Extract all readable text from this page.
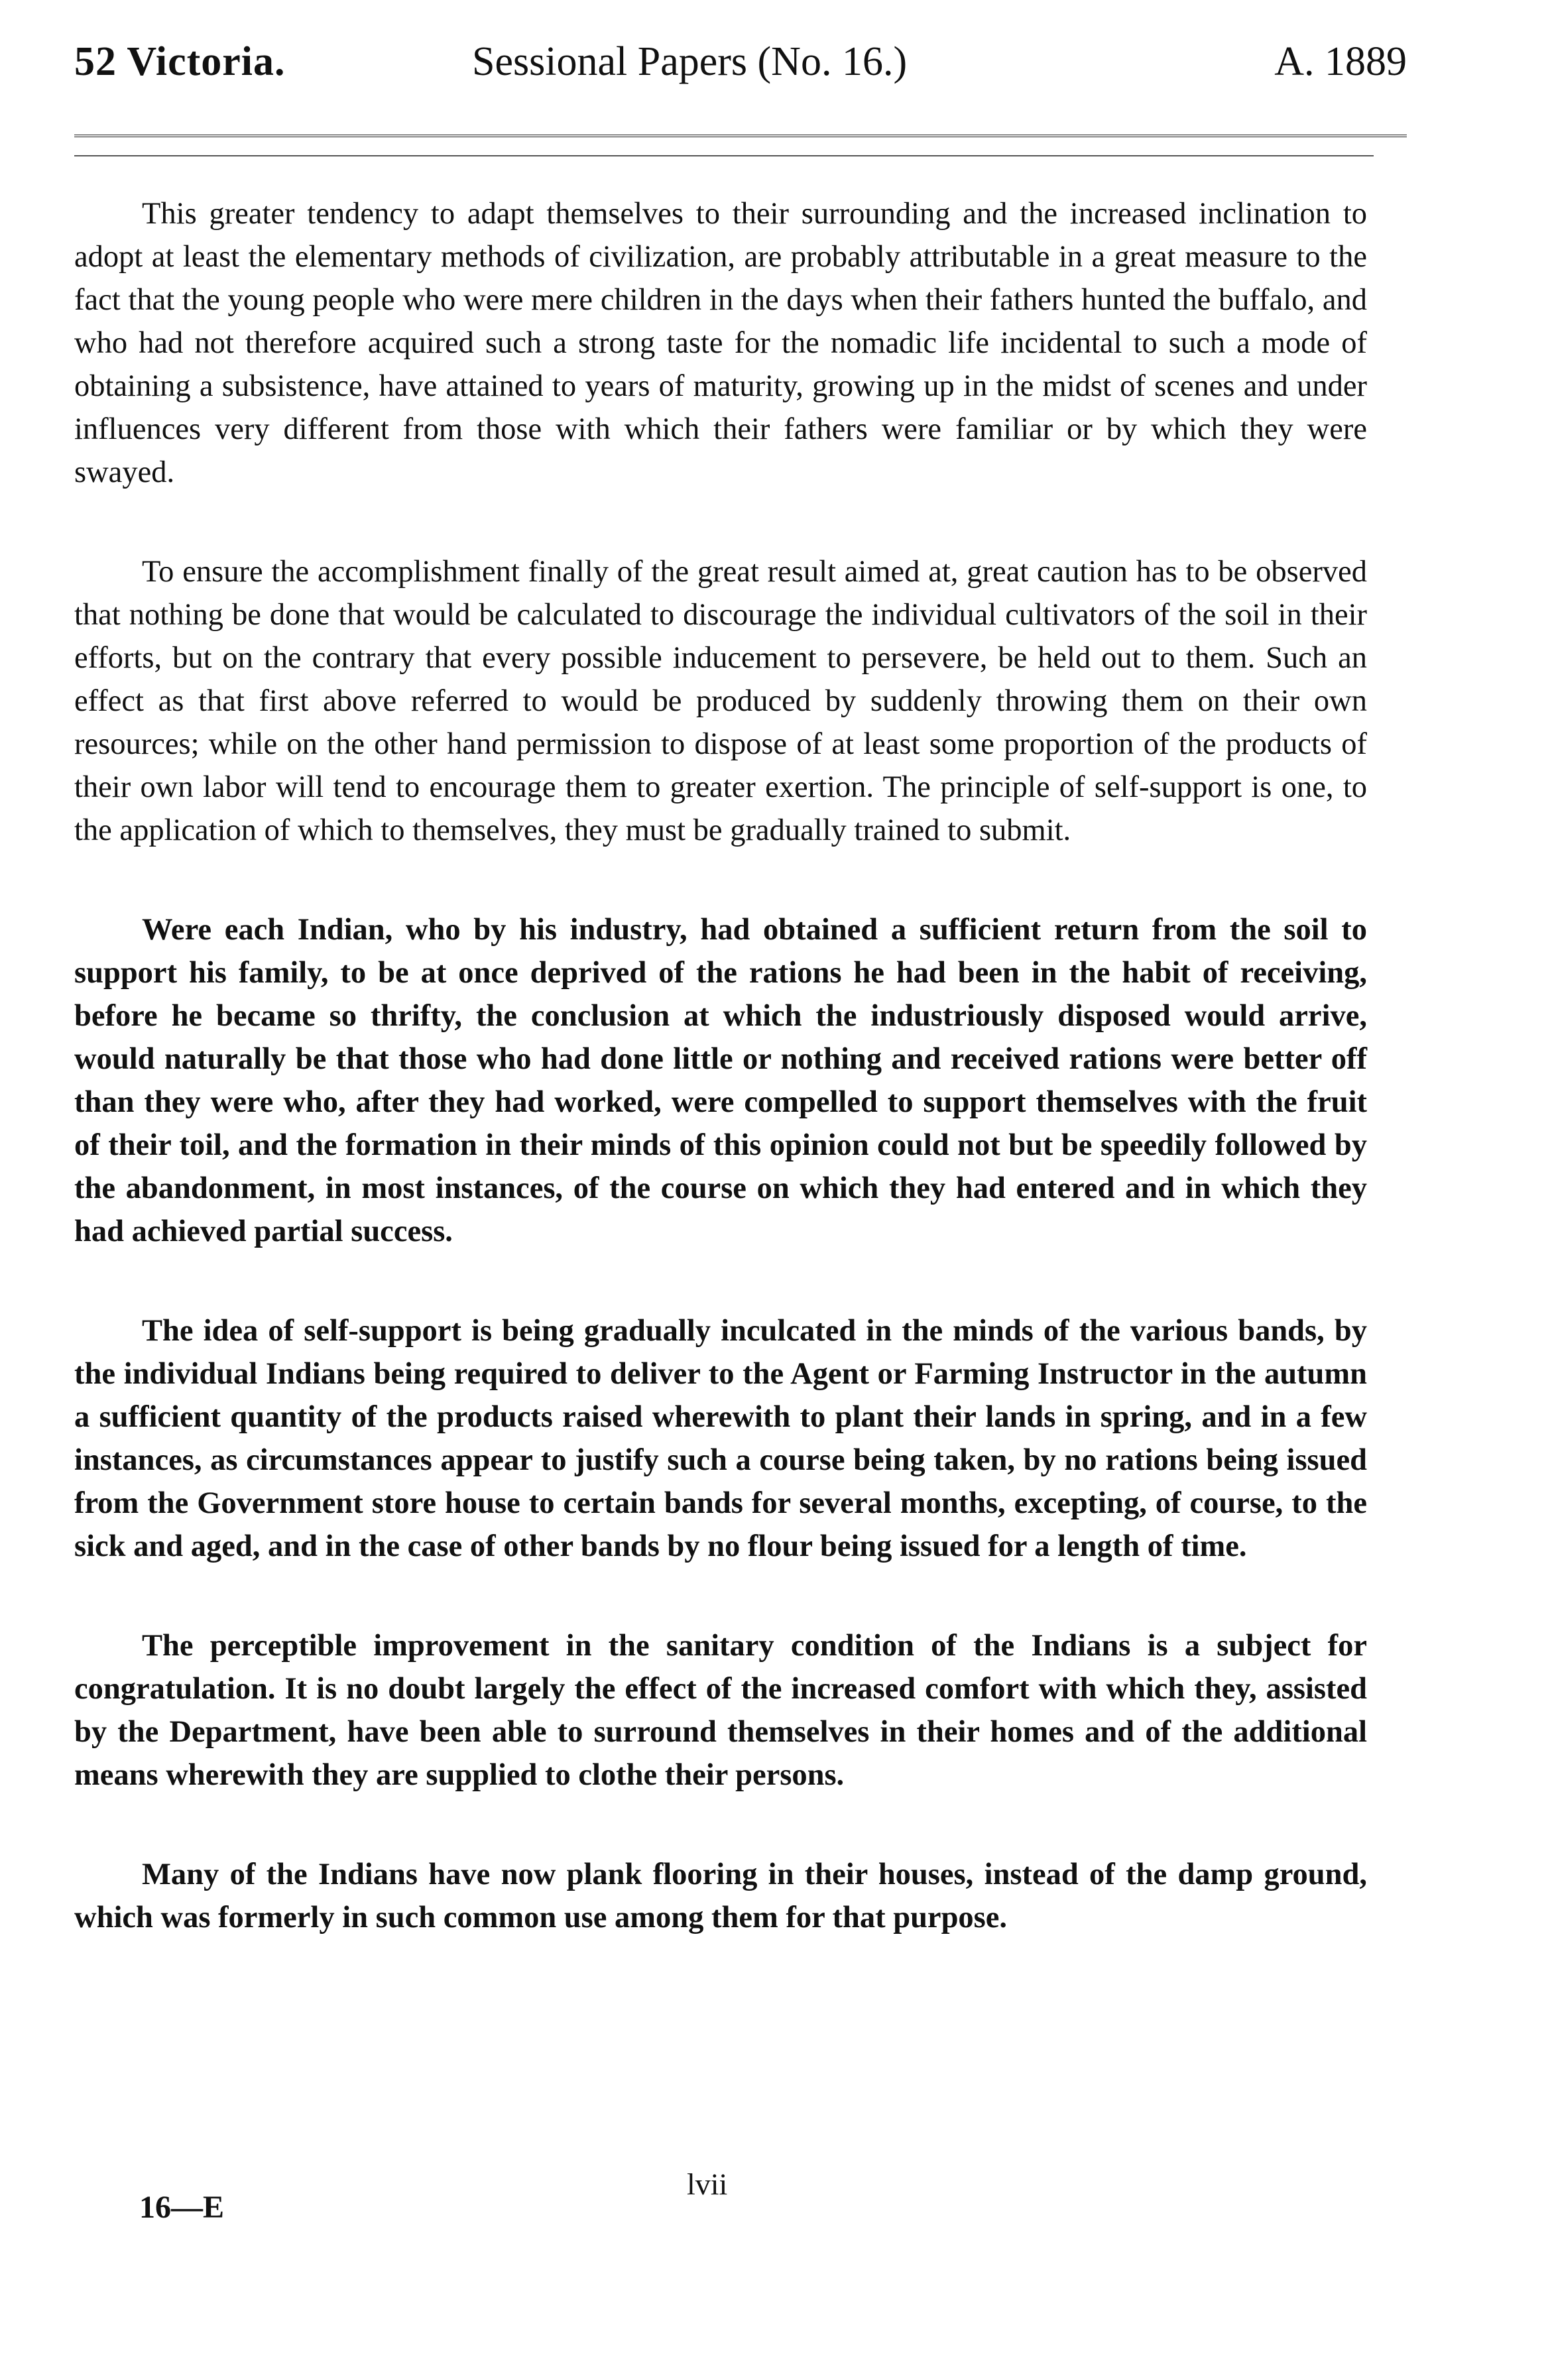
52 Victoria.	Sessional Papers (No. 16.)	A. 1889

This greater tendency to adapt themselves to their surrounding and the increased inclination to adopt at least the elementary methods of civilization, are probably attributable in a great measure to the fact that the young people who were mere children in the days when their fathers hunted the buffalo, and who had not therefore acquired such a strong taste for the nomadic life incidental to such a mode of obtaining a subsistence, have attained to years of maturity, growing up in the midst of scenes and under influences very different from those with which their fathers were familiar or by which they were swayed.

To ensure the accomplishment finally of the great result aimed at, great caution has to be observed that nothing be done that would be calculated to discourage the individual cultivators of the soil in their efforts, but on the contrary that every possible inducement to persevere, be held out to them. Such an effect as that first above referred to would be produced by suddenly throwing them on their own resources; while on the other hand permission to dispose of at least some proportion of the products of their own labor will tend to encourage them to greater exertion. The principle of self-support is one, to the application of which to themselves, they must be gradually trained to submit.

Were each Indian, who by his industry, had obtained a sufficient return from the soil to support his family, to be at once deprived of the rations he had been in the habit of receiving, before he became so thrifty, the conclusion at which the industriously disposed would arrive, would naturally be that those who had done little or nothing and received rations were better off than they were who, after they had worked, were compelled to support themselves with the fruit of their toil, and the formation in their minds of this opinion could not but be speedily followed by the abandonment, in most instances, of the course on which they had entered and in which they had achieved partial success.

The idea of self-support is being gradually inculcated in the minds of the various bands, by the individual Indians being required to deliver to the Agent or Farming Instructor in the autumn a sufficient quantity of the products raised wherewith to plant their lands in spring, and in a few instances, as circumstances appear to justify such a course being taken, by no rations being issued from the Government store house to certain bands for several months, excepting, of course, to the sick and aged, and in the case of other bands by no flour being issued for a length of time.

The perceptible improvement in the sanitary condition of the Indians is a subject for congratulation. It is no doubt largely the effect of the increased comfort with which they, assisted by the Department, have been able to surround themselves in their homes and of the additional means wherewith they are supplied to clothe their persons.

Many of the Indians have now plank flooring in their houses, instead of the damp ground, which was formerly in such common use among them for that purpose.

lvii
16—E
